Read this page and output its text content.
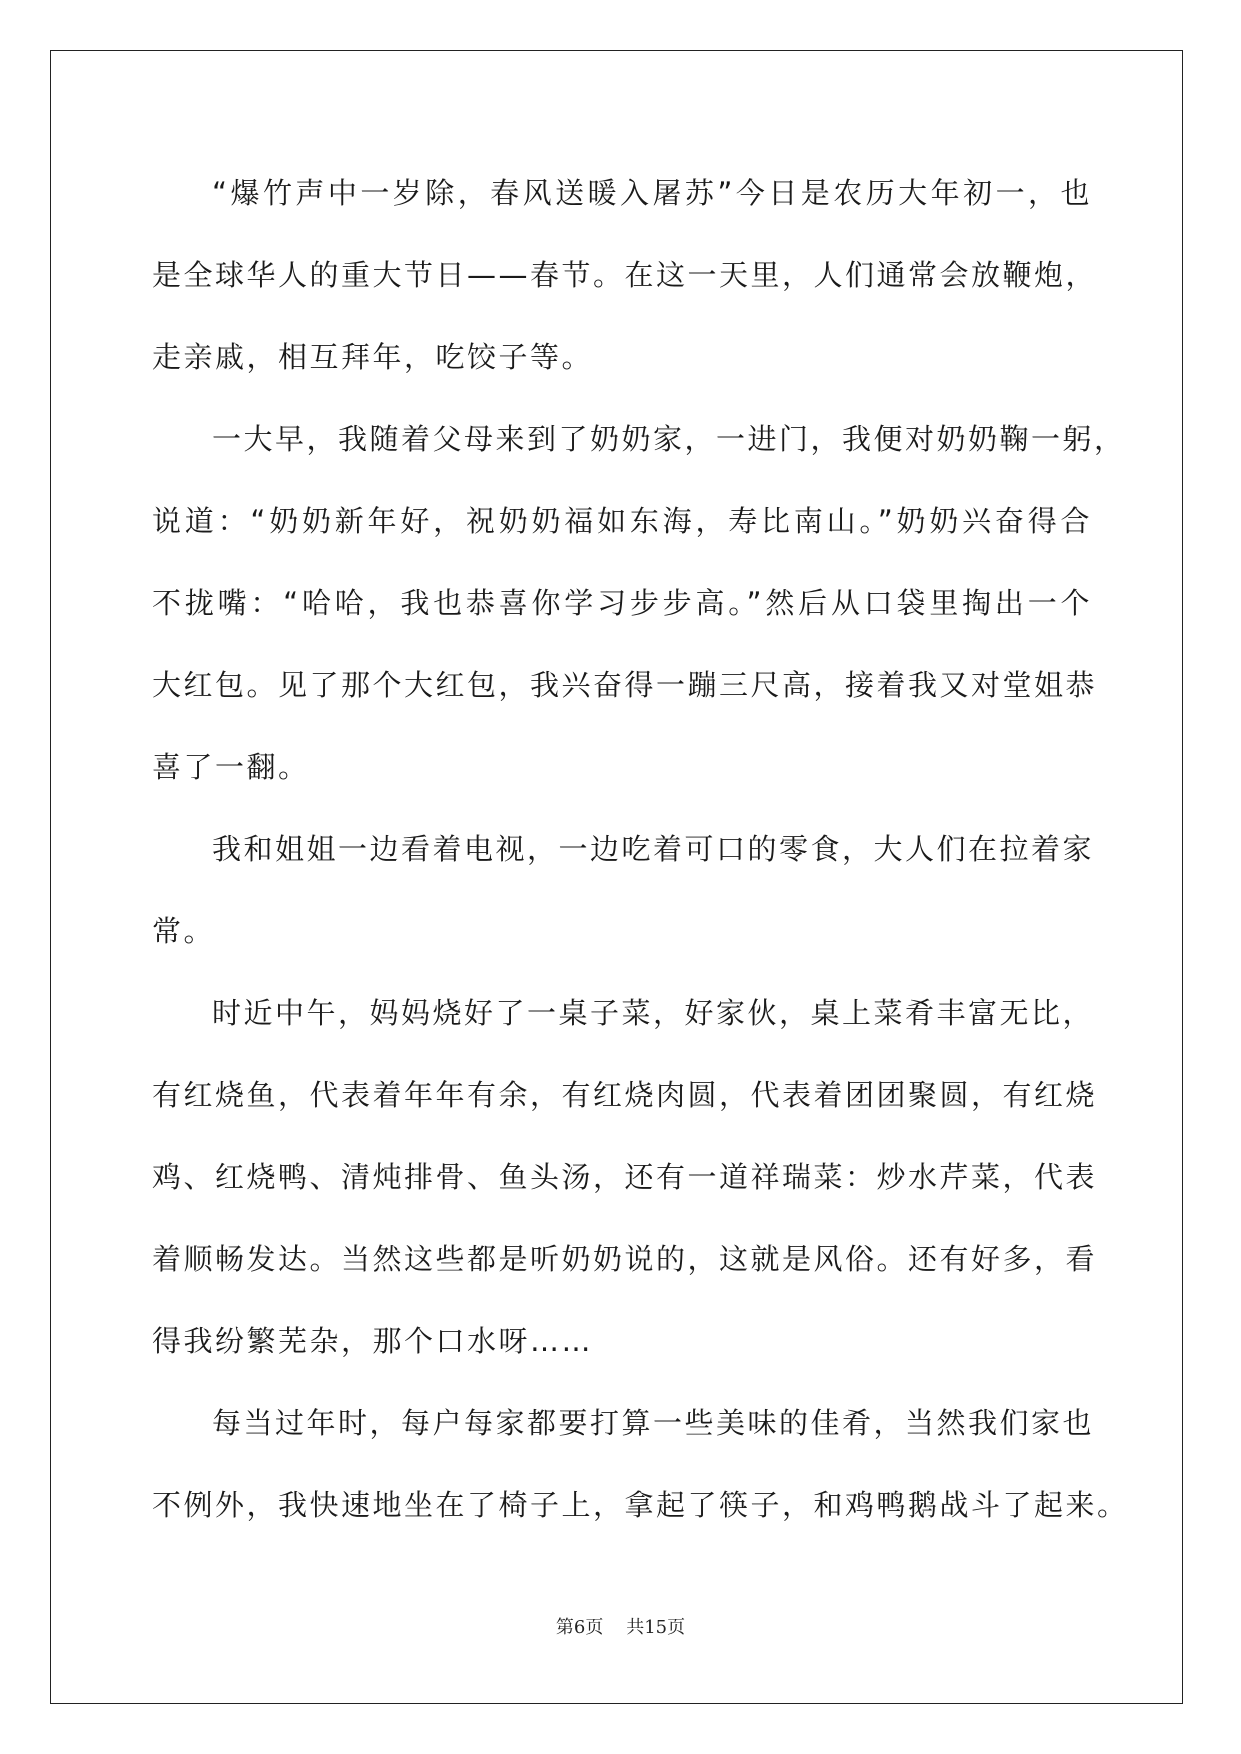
“爆竹声中一岁除，春风送暖入屠苏”今日是农历大年初一，也
是全球华人的重大节日——春节。在这一天里，人们通常会放鞭炮，
走亲戚，相互拜年，吃饺子等。
一大早，我随着父母来到了奶奶家，一进门，我便对奶奶鞠一躬，
说道：“奶奶新年好，祝奶奶福如东海，寿比南山。”奶奶兴奋得合
不拢嘴：“哈哈，我也恭喜你学习步步高。”然后从口袋里掏出一个
大红包。见了那个大红包，我兴奋得一蹦三尺高，接着我又对堂姐恭
喜了一翻。
我和姐姐一边看着电视，一边吃着可口的零食，大人们在拉着家
常。
时近中午，妈妈烧好了一桌子菜，好家伙，桌上菜肴丰富无比，
有红烧鱼，代表着年年有余，有红烧肉圆，代表着团团聚圆，有红烧
鸡、红烧鸭、清炖排骨、鱼头汤，还有一道祥瑞菜：炒水芹菜，代表
着顺畅发达。当然这些都是听奶奶说的，这就是风俗。还有好多，看
得我纷繁芜杂，那个口水呀……
每当过年时，每户每家都要打算一些美味的佳肴，当然我们家也
不例外，我快速地坐在了椅子上，拿起了筷子，和鸡鸭鹅战斗了起来。
第6页 共15页
